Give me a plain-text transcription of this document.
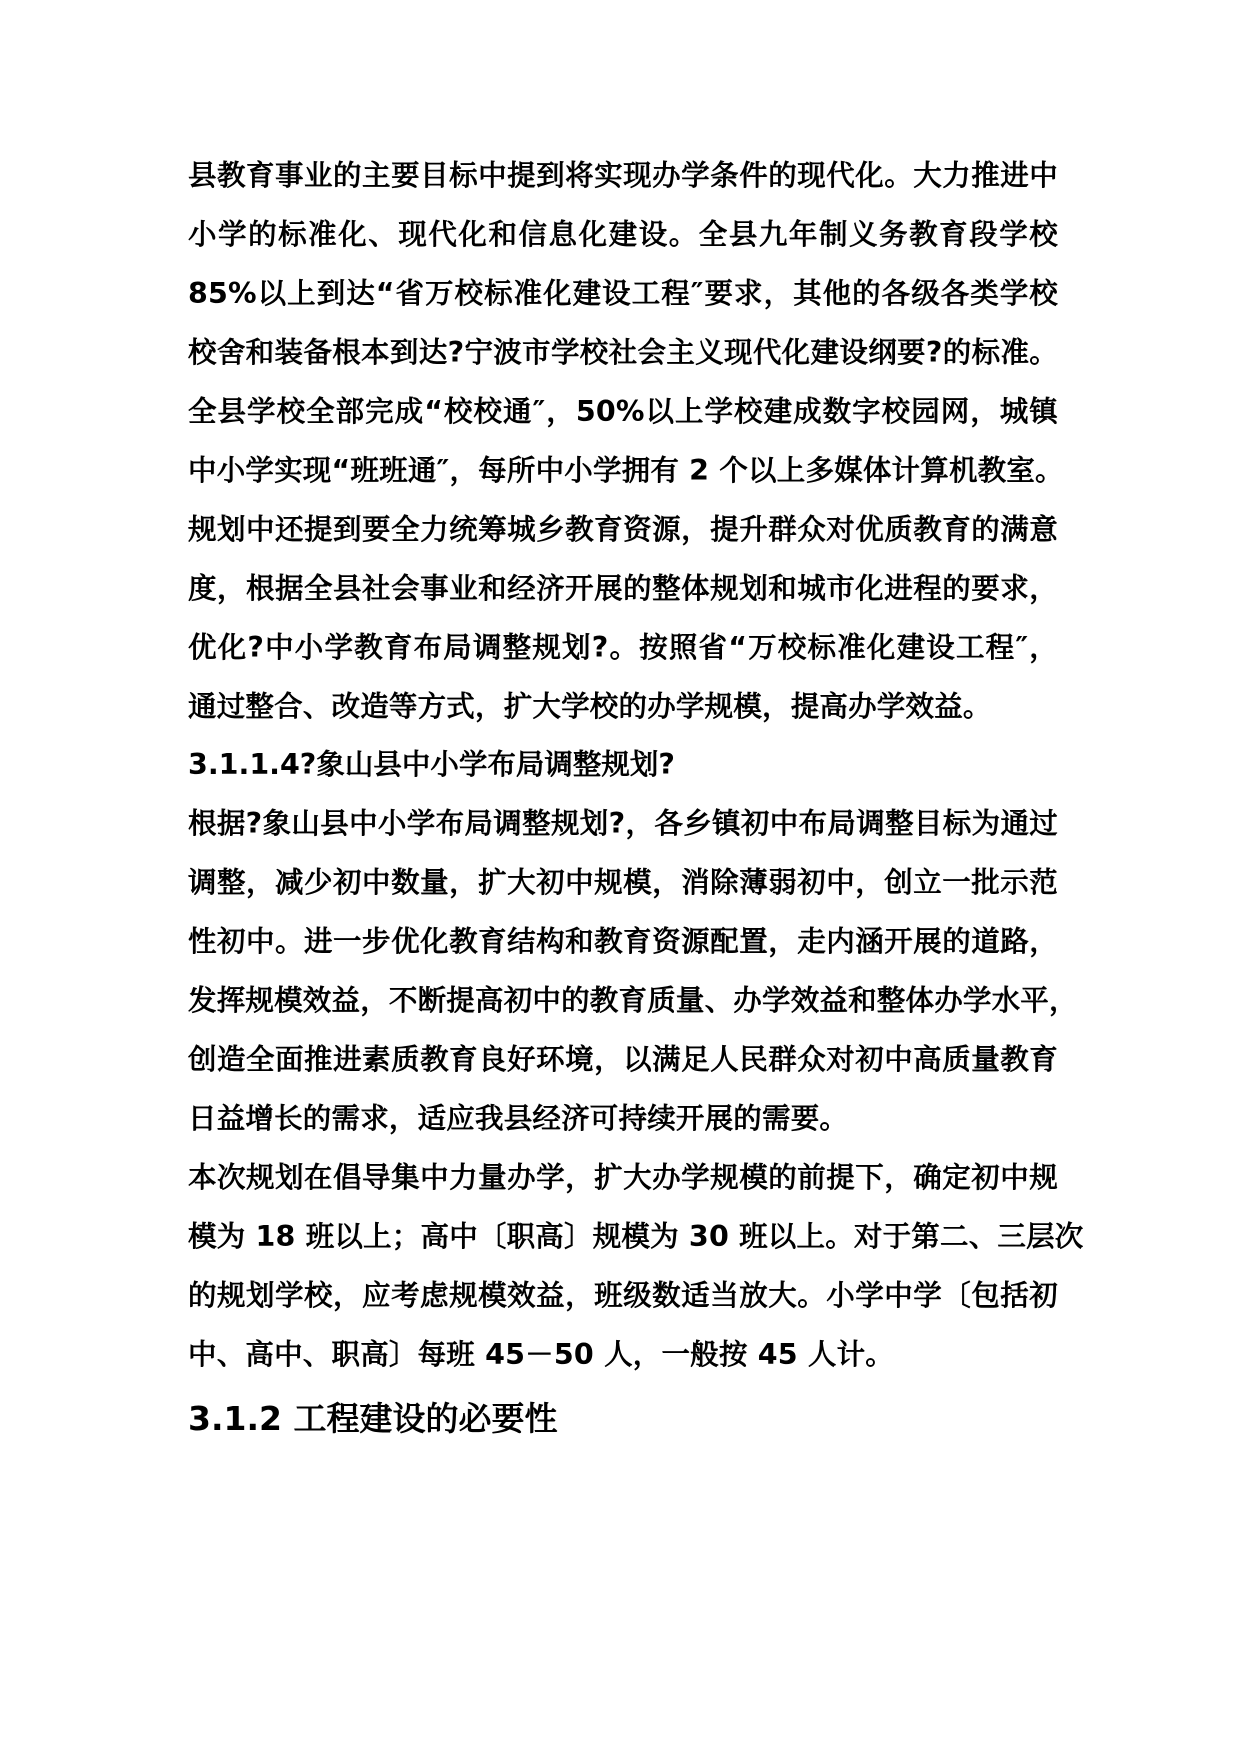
县教育事业的主要目标中提到将实现办学条件的现代化。大力推进中
小学的标准化、现代化和信息化建设。全县九年制义务教育段学校
85%以上到达“省万校标准化建设工程″要求，其他的各级各类学校
校舍和装备根本到达?宁波市学校社会主义现代化建设纲要?的标准。
全县学校全部完成“校校通″，50%以上学校建成数字校园网，城镇
中小学实现“班班通″，每所中小学拥有 2 个以上多媒体计算机教室。
规划中还提到要全力统筹城乡教育资源，提升群众对优质教育的满意
度，根据全县社会事业和经济开展的整体规划和城市化进程的要求，
优化?中小学教育布局调整规划?。按照省“万校标准化建设工程″，
通过整合、改造等方式，扩大学校的办学规模，提高办学效益。
3.1.1.4?象山县中小学布局调整规划?
根据?象山县中小学布局调整规划?，各乡镇初中布局调整目标为通过
调整，减少初中数量，扩大初中规模，消除薄弱初中，创立一批示范
性初中。进一步优化教育结构和教育资源配置，走内涵开展的道路，
发挥规模效益，不断提高初中的教育质量、办学效益和整体办学水平，
创造全面推进素质教育良好环境，以满足人民群众对初中高质量教育
日益增长的需求，适应我县经济可持续开展的需要。
本次规划在倡导集中力量办学，扩大办学规模的前提下，确定初中规
模为 18 班以上；高中〔职高〕规模为 30 班以上。对于第二、三层次
的规划学校，应考虑规模效益，班级数适当放大。小学中学〔包括初
中、高中、职高〕每班 45－50 人，一般按 45 人计。
3.1.2 工程建设的必要性
